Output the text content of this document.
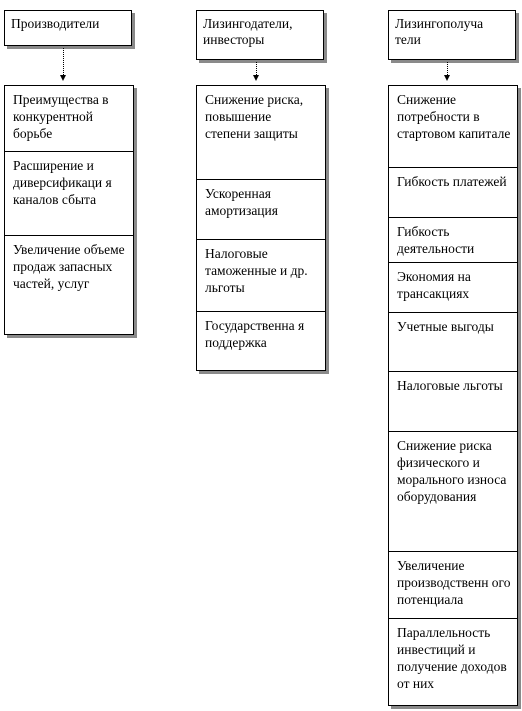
Производители
Преимущества в конкурентной борьбе
Расширение и диверсификаци я каналов сбыта
Увеличение объеме продаж запасных частей, услуг
Лизингодатели, инвесторы
Снижение риска, повышение степени защиты
Ускоренная амортизация
Налоговые таможенные и др. льготы
Государственна я поддержка
Лизингополуча тели
Снижение потребности в стартовом капитале
Гибкость платежей
Гибкость деятельности
Экономия на трансакциях
Учетные выгоды
Налоговые льготы
Снижение риска физического и морального износа оборудования
Увеличение производственн ого потенциала
Параллельность инвестиций и получение доходов от них
